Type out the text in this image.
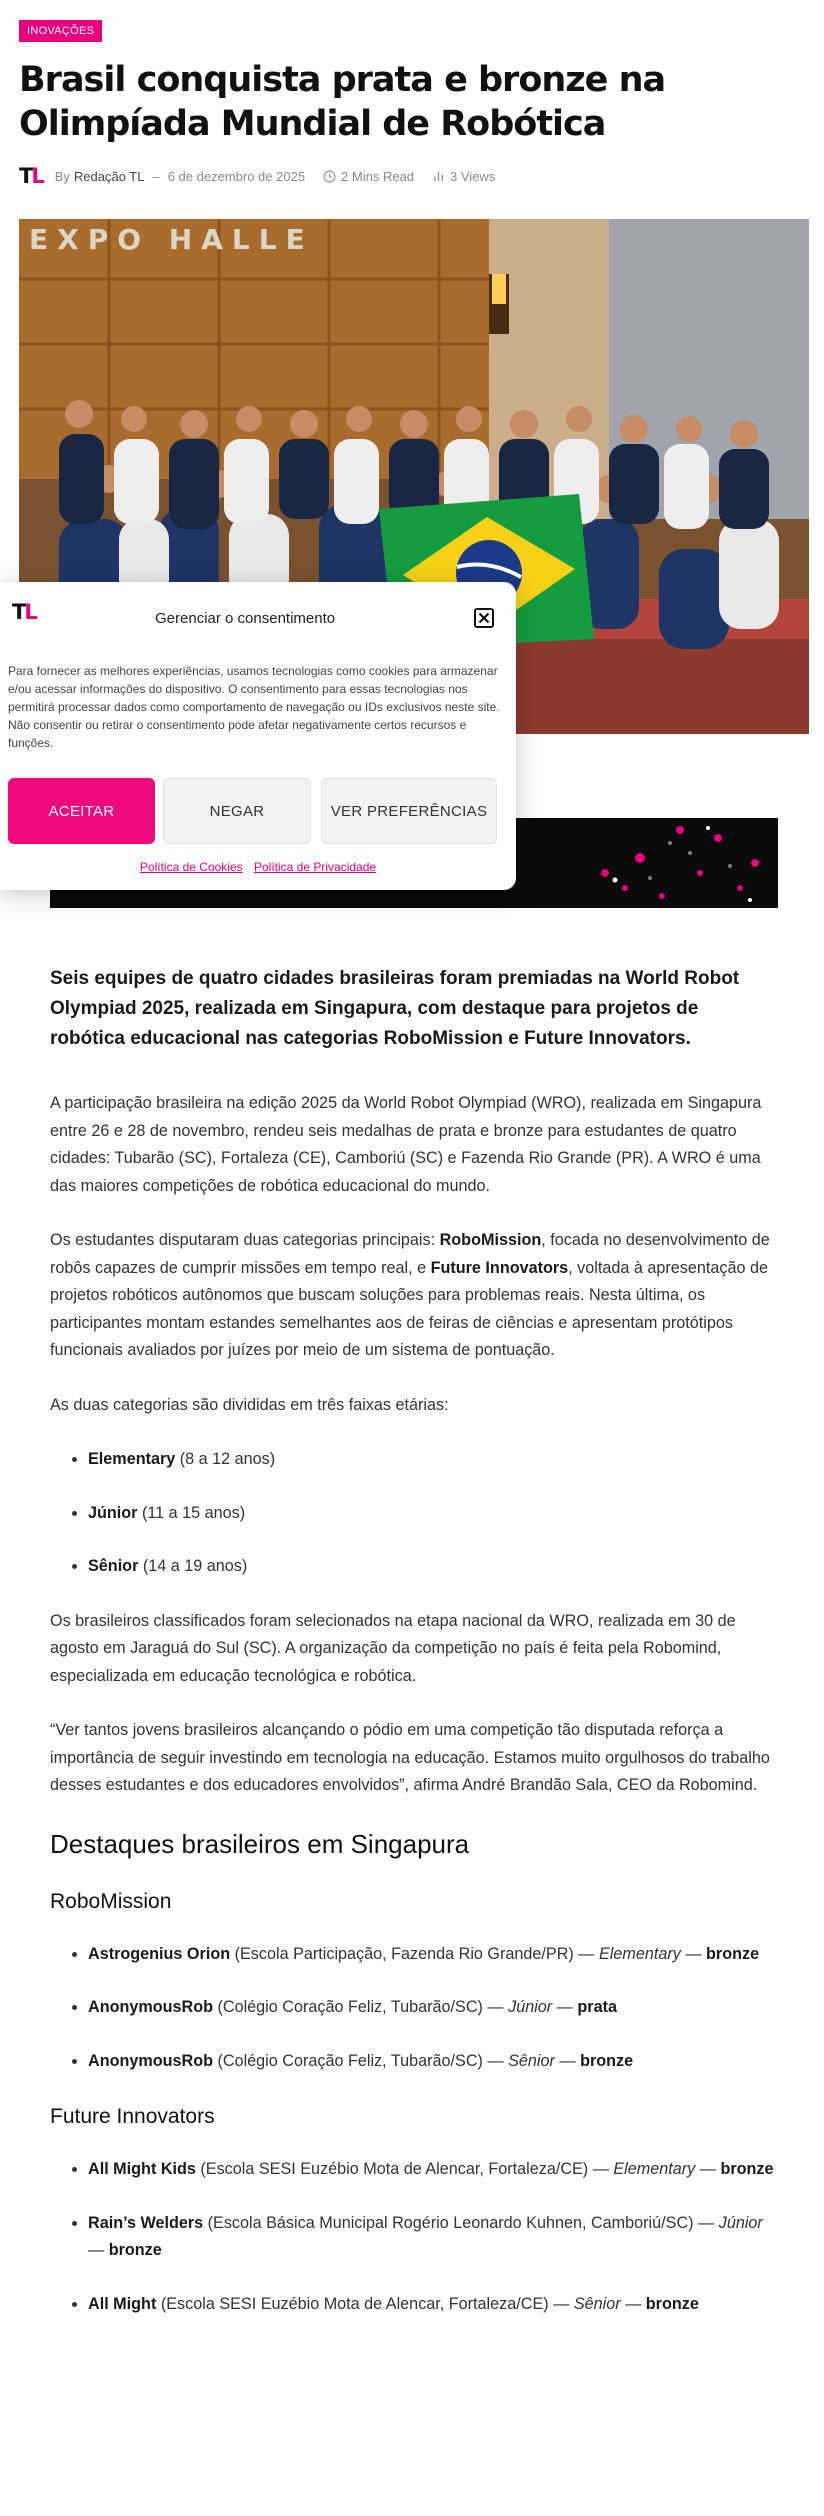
INOVAÇÕES
Brasil conquista prata e bronze na Olimpíada Mundial de Robótica
TL By Redação TL – 6 de dezembro de 2025	2 Mins Read	3 Views
EXPO HALLE
TL	Gerenciar o consentimento

Para fornecer as melhores experiências, usamos tecnologias como cookies para armazenar e/ou acessar informações do dispositivo. O consentimento para essas tecnologias nos permitirá processar dados como comportamento de navegação ou IDs exclusivos neste site. Não consentir ou retirar o consentimento pode afetar negativamente certos recursos e funções.

ACEITAR	NEGAR	VER PREFERÊNCIAS
Política de Cookies Política de Privacidade

Seis equipes de quatro cidades brasileiras foram premiadas na World Robot Olympiad 2025, realizada em Singapura, com destaque para projetos de robótica educacional nas categorias RoboMission e Future Innovators.

A participação brasileira na edição 2025 da World Robot Olympiad (WRO), realizada em Singapura entre 26 e 28 de novembro, rendeu seis medalhas de prata e bronze para estudantes de quatro cidades: Tubarão (SC), Fortaleza (CE), Camboriú (SC) e Fazenda Rio Grande (PR). A WRO é uma das maiores competições de robótica educacional do mundo.

Os estudantes disputaram duas categorias principais: RoboMission, focada no desenvolvimento de robôs capazes de cumprir missões em tempo real, e Future Innovators, voltada à apresentação de projetos robóticos autônomos que buscam soluções para problemas reais. Nesta última, os participantes montam estandes semelhantes aos de feiras de ciências e apresentam protótipos funcionais avaliados por juízes por meio de um sistema de pontuação.

As duas categorias são divididas em três faixas etárias:

• Elementary (8 a 12 anos)
• Júnior (11 a 15 anos)
• Sênior (14 a 19 anos)

Os brasileiros classificados foram selecionados na etapa nacional da WRO, realizada em 30 de agosto em Jaraguá do Sul (SC). A organização da competição no país é feita pela Robomind, especializada em educação tecnológica e robótica.

“Ver tantos jovens brasileiros alcançando o pódio em uma competição tão disputada reforça a importância de seguir investindo em tecnologia na educação. Estamos muito orgulhosos do trabalho desses estudantes e dos educadores envolvidos”, afirma André Brandão Sala, CEO da Robomind.

Destaques brasileiros em Singapura
RoboMission
• Astrogenius Orion (Escola Participação, Fazenda Rio Grande/PR) — Elementary — bronze
• AnonymousRob (Colégio Coração Feliz, Tubarão/SC) — Júnior — prata
• AnonymousRob (Colégio Coração Feliz, Tubarão/SC) — Sênior — bronze
Future Innovators
• All Might Kids (Escola SESI Euzébio Mota de Alencar, Fortaleza/CE) — Elementary — bronze
• Rain’s Welders (Escola Básica Municipal Rogério Leonardo Kuhnen, Camboriú/SC) — Júnior — bronze
• All Might (Escola SESI Euzébio Mota de Alencar, Fortaleza/CE) — Sênior — bronze
